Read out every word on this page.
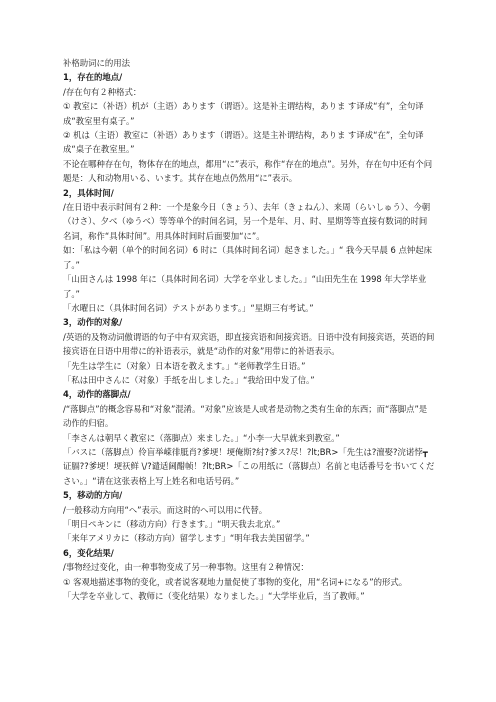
补格助词に的用法

1，存在的地点/

/存在句有２种格式：

① 教室に（补语）机が（主语）あります（谓语）。这是补主谓结构，ありま す译成“有”，全句译成“教室里有桌子。”

② 机は（主语）教室に（补语）あります（谓语）。这是主补谓结构，ありま す译成“在”，全句译成“桌子在教室里。”

不论在哪种存在句，物体存在的地点，都用“に”表示，称作“存在的地点”。另外，存在句中还有个问题是：人和动物用いる、います。其存在地点仍然用“に”表示。

2，具体时间/

/在日语中表示时间有２种：一个是象今日（きょう）、去年（きょねん）、来周（らいしゅう）、今朝（けさ）、夕べ（ゆうべ）等等单个的时间名词，另一个是年、月、时、星期等等直接有数词的时间名词，称作“具体时间”。用具体时间时后面要加“に”。

如：「私は今朝（单个的时间名词）6 时に（具体时间名词）起きました。」“ 我今天早晨 6 点钟起床了。”

「山田さんは 1998 年に（具体时间名词）大学を卒业しました。」“山田先生在 1998 年大学毕业了。”

「水曜日に（具体时间名词）テストがあります。」“星期三有考试。”

3，动作的对象/

/英语的及物动词傲谓语的句子中有双宾语，即直接宾语和间接宾语。日语中没有间接宾语，英语的间接宾语在日语中用带に的补语表示，就是“动作的对象”用带に的补语表示。

「先生は学生に（对象）日本语を教えます。」“老师教学生日语。”

「私は田中さんに（对象）手纸を出しました。」“我给田中发了信。”

4，动作的落脚点/

/“落脚点”的概念容易和“对象”混淆。“对象”应该是人或者是动物之类有生命的东西；而“落脚点”是动作的归宿。

「李さんは朝早く教室に（落脚点）来ました。」“小李一大早就来到教室。”

「バスに（落脚点）伶盲举嵘徘胝肖?爹埂！埂俺斯?紂?爹ス?尽！?lt;BR>「先生は?澶娶?浣诺悖┳证膈??爹埂！埂祆鲜 \/?谴适阃醋帧！?lt;BR>「この用纸に（落脚点）名前と电话番号を书いてください。」“请在这张表格上写上姓名和电话号码。”

5，移动的方向/

/一般移动方向用“へ”表示。而这时的へ可以用に代替。

「明日ペキンに（移动方向）行きます。」“明天我去北京。”

「来年アメリカに（移动方向）留学します」“明年我去美国留学。”

6，变化结果/

/事物经过变化，由一种事物变成了另一种事物。这里有２种情况：

① 客观地描述事物的变化，或者说客观地力量促使了事物的变化，用“名词+になる”的形式。

「大学を卒业して、教师に（变化结果）なりました。」“大学毕业后，当了教师。”
